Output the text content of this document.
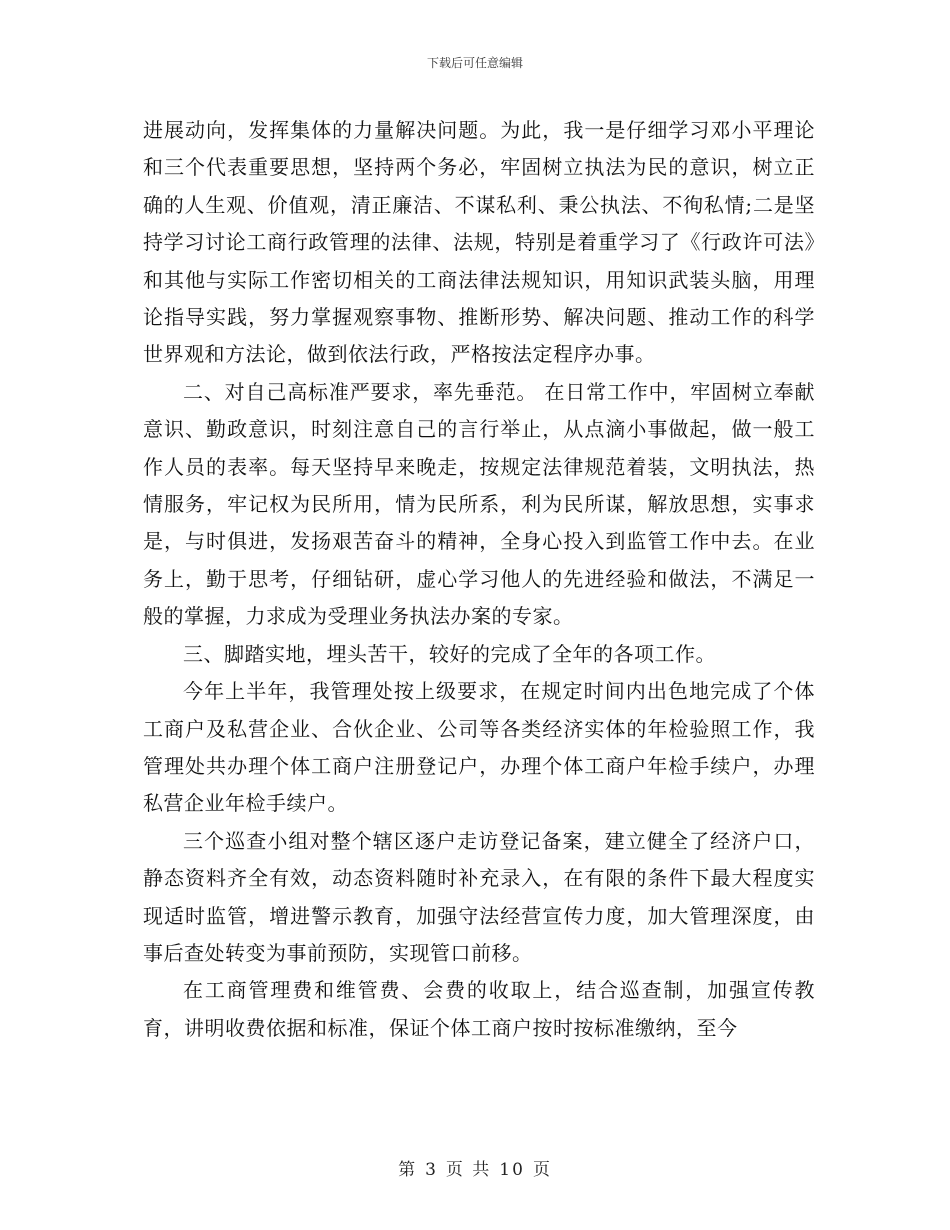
下载后可任意编辑

进展动向，发挥集体的力量解决问题。为此，我一是仔细学习邓小平理论和三个代表重要思想，坚持两个务必，牢固树立执法为民的意识，树立正确的人生观、价值观，清正廉洁、不谋私利、秉公执法、不徇私情;二是坚持学习讨论工商行政管理的法律、法规，特别是着重学习了《行政许可法》和其他与实际工作密切相关的工商法律法规知识，用知识武装头脑，用理论指导实践，努力掌握观察事物、推断形势、解决问题、推动工作的科学世界观和方法论，做到依法行政，严格按法定程序办事。

二、对自己高标准严要求，率先垂范。 在日常工作中，牢固树立奉献意识、勤政意识，时刻注意自己的言行举止，从点滴小事做起，做一般工作人员的表率。每天坚持早来晚走，按规定法律规范着装，文明执法，热情服务，牢记权为民所用，情为民所系，利为民所谋，解放思想，实事求是，与时俱进，发扬艰苦奋斗的精神，全身心投入到监管工作中去。在业务上，勤于思考，仔细钻研，虚心学习他人的先进经验和做法，不满足一般的掌握，力求成为受理业务执法办案的专家。

三、脚踏实地，埋头苦干，较好的完成了全年的各项工作。

今年上半年，我管理处按上级要求，在规定时间内出色地完成了个体工商户及私营企业、合伙企业、公司等各类经济实体的年检验照工作，我管理处共办理个体工商户注册登记户，办理个体工商户年检手续户，办理私营企业年检手续户。

三个巡查小组对整个辖区逐户走访登记备案，建立健全了经济户口，静态资料齐全有效，动态资料随时补充录入，在有限的条件下最大程度实现适时监管，增进警示教育，加强守法经营宣传力度，加大管理深度，由事后查处转变为事前预防，实现管口前移。

在工商管理费和维管费、会费的收取上，结合巡查制，加强宣传教育，讲明收费依据和标准，保证个体工商户按时按标准缴纳，至今

第 3 页 共 10 页
